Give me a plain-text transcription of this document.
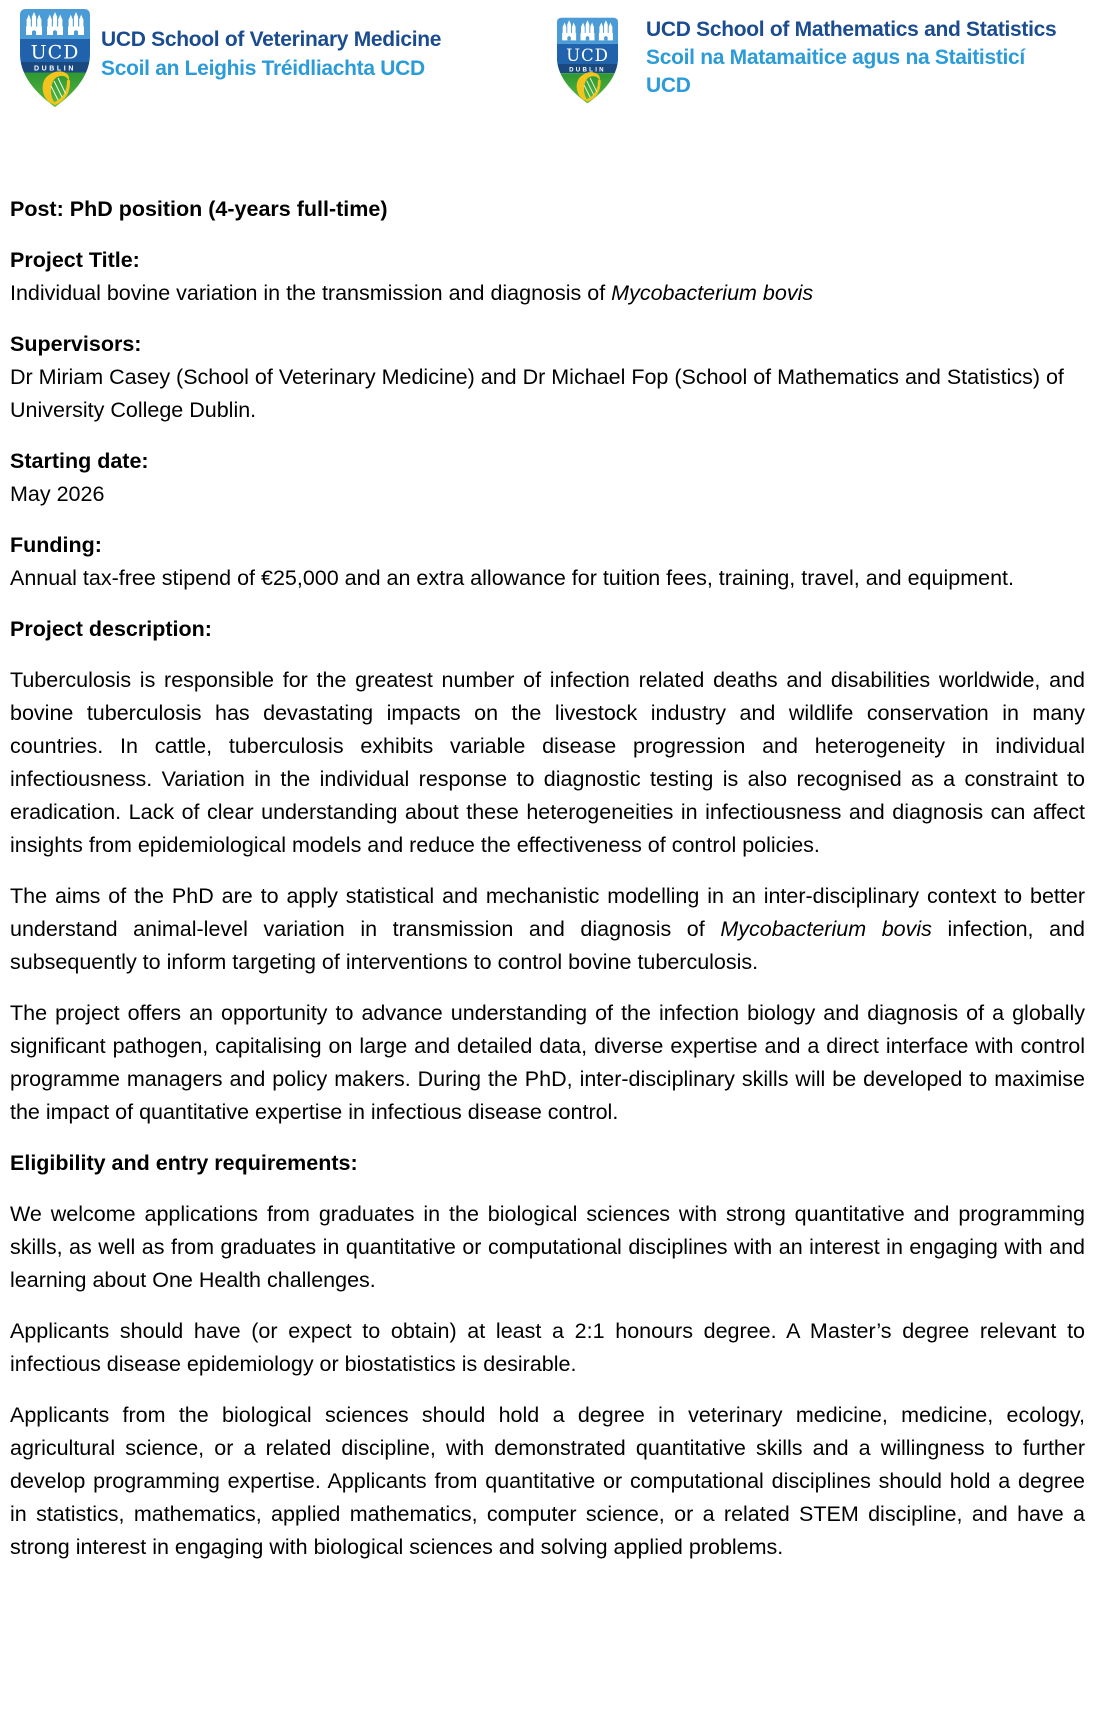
UCD School of Veterinary Medicine
Scoil an Leighis Tréidliachta UCD
UCD School of Mathematics and Statistics
Scoil na Matamaitice agus na Staitisticí
UCD

Post: PhD position (4-years full-time)

Project Title:

Individual bovine variation in the transmission and diagnosis of Mycobacterium bovis

Supervisors:

Dr Miriam Casey (School of Veterinary Medicine) and Dr Michael Fop (School of Mathematics and Statistics) of University College Dublin.

Starting date:

May 2026

Funding:

Annual tax-free stipend of €25,000 and an extra allowance for tuition fees, training, travel, and equipment.

Project description:

Tuberculosis is responsible for the greatest number of infection related deaths and disabilities worldwide, and bovine tuberculosis has devastating impacts on the livestock industry and wildlife conservation in many countries. In cattle, tuberculosis exhibits variable disease progression and heterogeneity in individual infectiousness. Variation in the individual response to diagnostic testing is also recognised as a constraint to eradication. Lack of clear understanding about these heterogeneities in infectiousness and diagnosis can affect insights from epidemiological models and reduce the effectiveness of control policies.

The aims of the PhD are to apply statistical and mechanistic modelling in an inter-disciplinary context to better understand animal-level variation in transmission and diagnosis of Mycobacterium bovis infection, and subsequently to inform targeting of interventions to control bovine tuberculosis.

The project offers an opportunity to advance understanding of the infection biology and diagnosis of a globally significant pathogen, capitalising on large and detailed data, diverse expertise and a direct interface with control programme managers and policy makers. During the PhD, inter-disciplinary skills will be developed to maximise the impact of quantitative expertise in infectious disease control.

Eligibility and entry requirements:

We welcome applications from graduates in the biological sciences with strong quantitative and programming skills, as well as from graduates in quantitative or computational disciplines with an interest in engaging with and learning about One Health challenges.

Applicants should have (or expect to obtain) at least a 2:1 honours degree. A Master’s degree relevant to infectious disease epidemiology or biostatistics is desirable.

Applicants from the biological sciences should hold a degree in veterinary medicine, medicine, ecology, agricultural science, or a related discipline, with demonstrated quantitative skills and a willingness to further develop programming expertise. Applicants from quantitative or computational disciplines should hold a degree in statistics, mathematics, applied mathematics, computer science, or a related STEM discipline, and have a strong interest in engaging with biological sciences and solving applied problems.
